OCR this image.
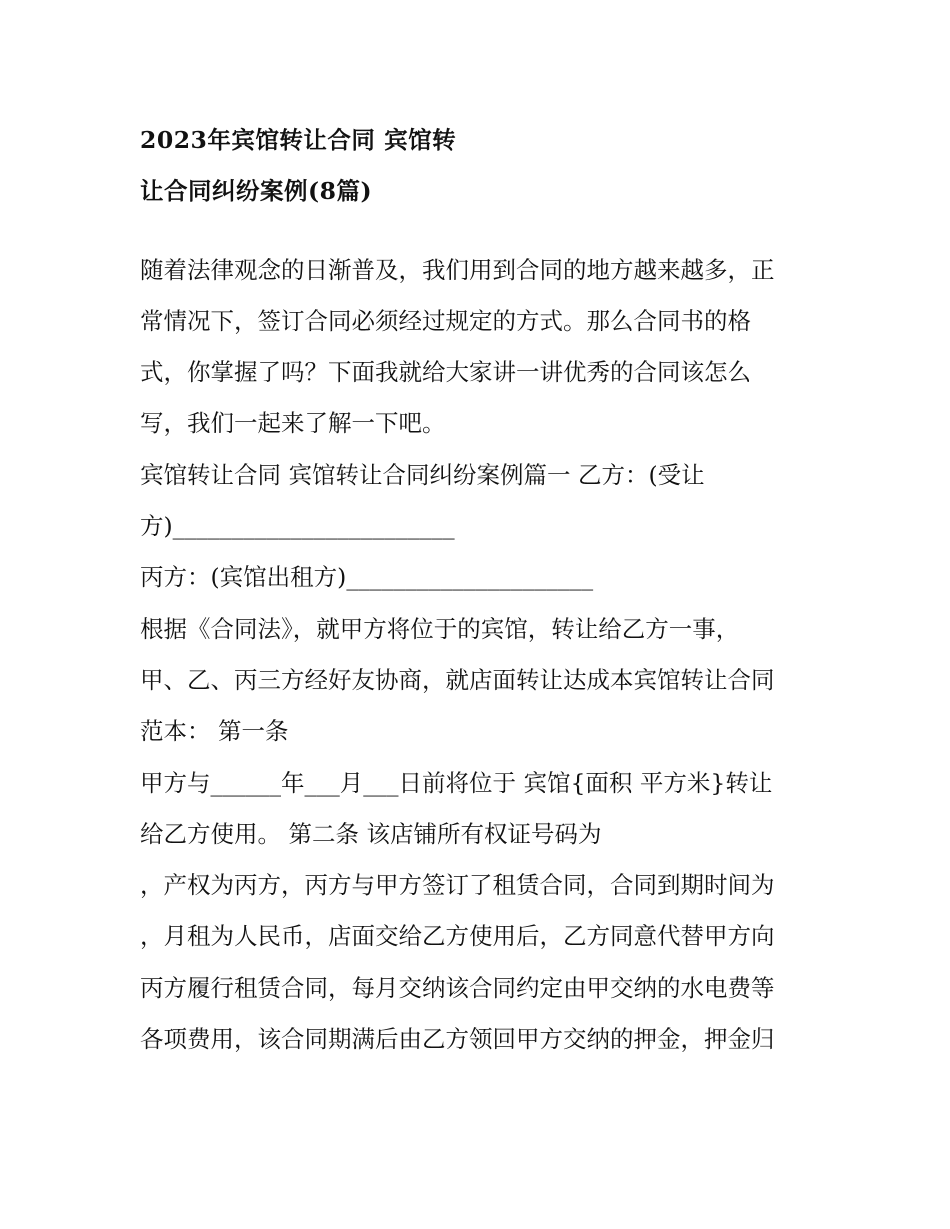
2023年宾馆转让合同 宾馆转
让合同纠纷案例(8篇)
随着法律观念的日渐普及，我们用到合同的地方越来越多，正
常情况下，签订合同必须经过规定的方式。那么合同书的格
式，你掌握了吗？下面我就给大家讲一讲优秀的合同该怎么
写，我们一起来了解一下吧。
宾馆转让合同 宾馆转让合同纠纷案例篇一 乙方：(受让
方)________________________
丙方：(宾馆出租方)_____________________
根据《合同法》，就甲方将位于的宾馆，转让给乙方一事，
甲、乙、丙三方经好友协商，就店面转让达成本宾馆转让合同
范本： 第一条
甲方与______年___月___日前将位于 宾馆{面积 平方米}转让
给乙方使用。 第二条 该店铺所有权证号码为
，产权为丙方，丙方与甲方签订了租赁合同，合同到期时间为
，月租为人民币，店面交给乙方使用后，乙方同意代替甲方向
丙方履行租赁合同，每月交纳该合同约定由甲交纳的水电费等
各项费用，该合同期满后由乙方领回甲方交纳的押金，押金归
